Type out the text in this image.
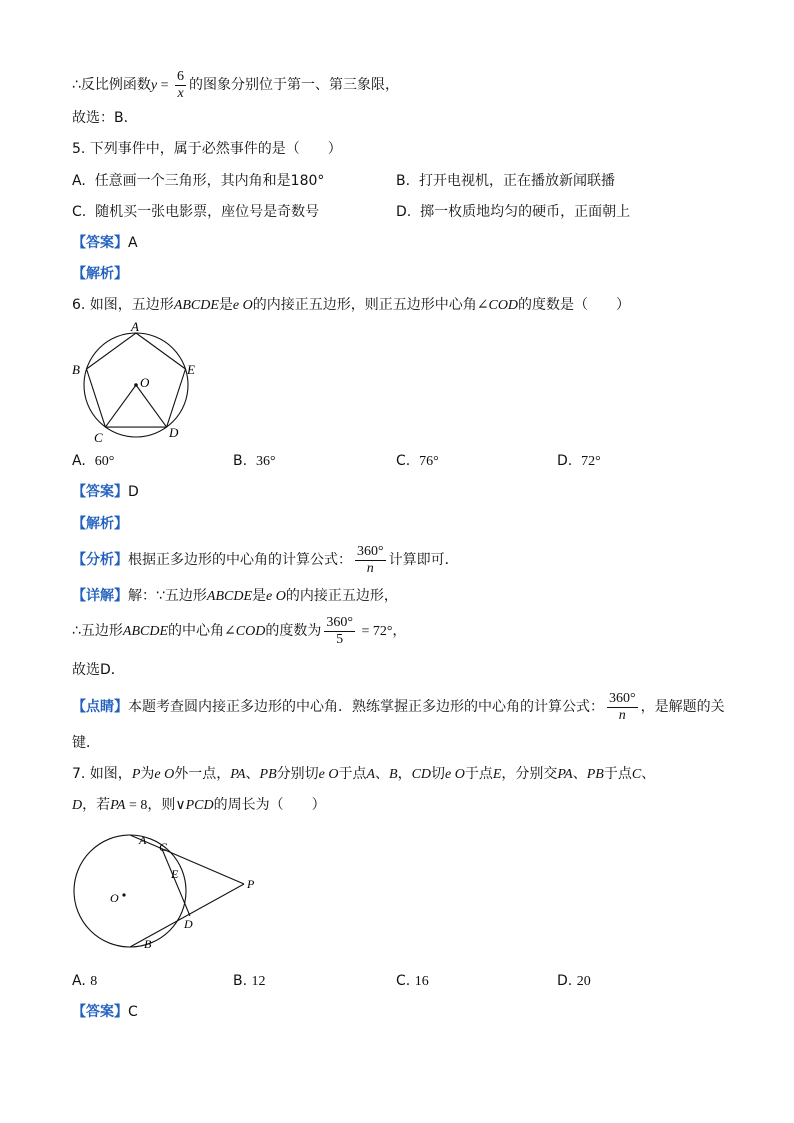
∴反比例函数$y = \frac{6}{x}$ 的图象分别位于第一、第三象限，
故选：B．
5. 下列事件中，属于必然事件的是（　　）
A. 任意画一个三角形，其内角和是180°	B. 打开电视机，正在播放新闻联播
C. 随机买一张电影票，座位号是奇数号	D. 掷一枚质地均匀的硬币，正面朝上
【答案】A
【解析】
6. 如图，五边形ABCDE是e O的内接正五边形，则正五边形中心角∠COD的度数是（　　）
A
B	E
O
C	D
A. 60°	B. 36°	C. 76°	D. 72°
【答案】D
【解析】
【分析】根据正多边形的中心角的计算公式： $\frac{360^\circ}{n}$ 计算即可．
【详解】解：∵五边形ABCDE是e O的内接正五边形，
∴五边形ABCDE的中心角∠COD的度数为 $\frac{360^\circ}{5} = 72^\circ$，
故选D．
【点睛】本题考查圆内接正多边形的中心角．熟练掌握正多边形的中心角的计算公式： $\frac{360^\circ}{n}$ ，是解题的关
键．
7. 如图，P为e O外一点，PA、PB分别切e O于点A、B，CD切e O于点E，分别交PA、PB于点C、
D，若PA = 8，则∨PCD的周长为（　　）
O
A C
E
P
D
B
A. 8	B. 12	C. 16	D. 20
【答案】C
